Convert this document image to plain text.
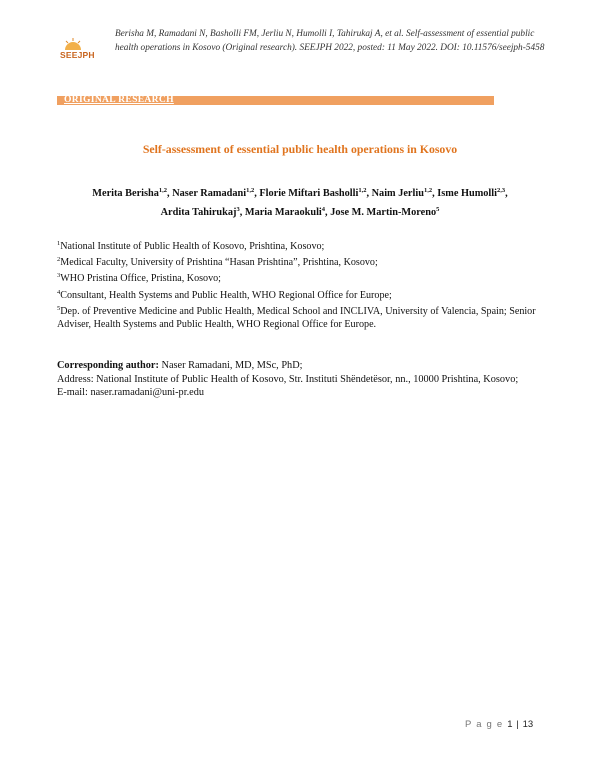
SEEJPH
Berisha M, Ramadani N, Basholli FM, Jerliu N, Humolli I, Tahirukaj A, et al. Self-assessment of essential public health operations in Kosovo (Original research). SEEJPH 2022, posted: 11 May 2022. DOI: 10.11576/seejph-5458
ORIGINAL RESEARCH
Self-assessment of essential public health operations in Kosovo
Merita Berisha$^{1,2}$, Naser Ramadani$^{1,2}$, Florie Miftari Basholli$^{1,2}$, Naim Jerliu$^{1,2}$, Isme Humolli$^{2,3}$,
Ardita Tahirukaj$^3$, Maria Maraokuli$^4$, Jose M. Martin-Moreno$^5$
$^1$National Institute of Public Health of Kosovo, Prishtina, Kosovo;
$^2$Medical Faculty, University of Prishtina “Hasan Prishtina”, Prishtina, Kosovo;
$^3$WHO Pristina Office, Pristina, Kosovo;
$^4$Consultant, Health Systems and Public Health, WHO Regional Office for Europe;
$^5$Dep. of Preventive Medicine and Public Health, Medical School and INCLIVA, University of Valencia, Spain; Senior Adviser, Health Systems and Public Health, WHO Regional Office for Europe.
Corresponding author: Naser Ramadani, MD, MSc, PhD;
Address: National Institute of Public Health of Kosovo, Str. Instituti Shëndetësor, nn., 10000 Prishtina, Kosovo;
E-mail: naser.ramadani@uni-pr.edu
P a g e 1 | 13
